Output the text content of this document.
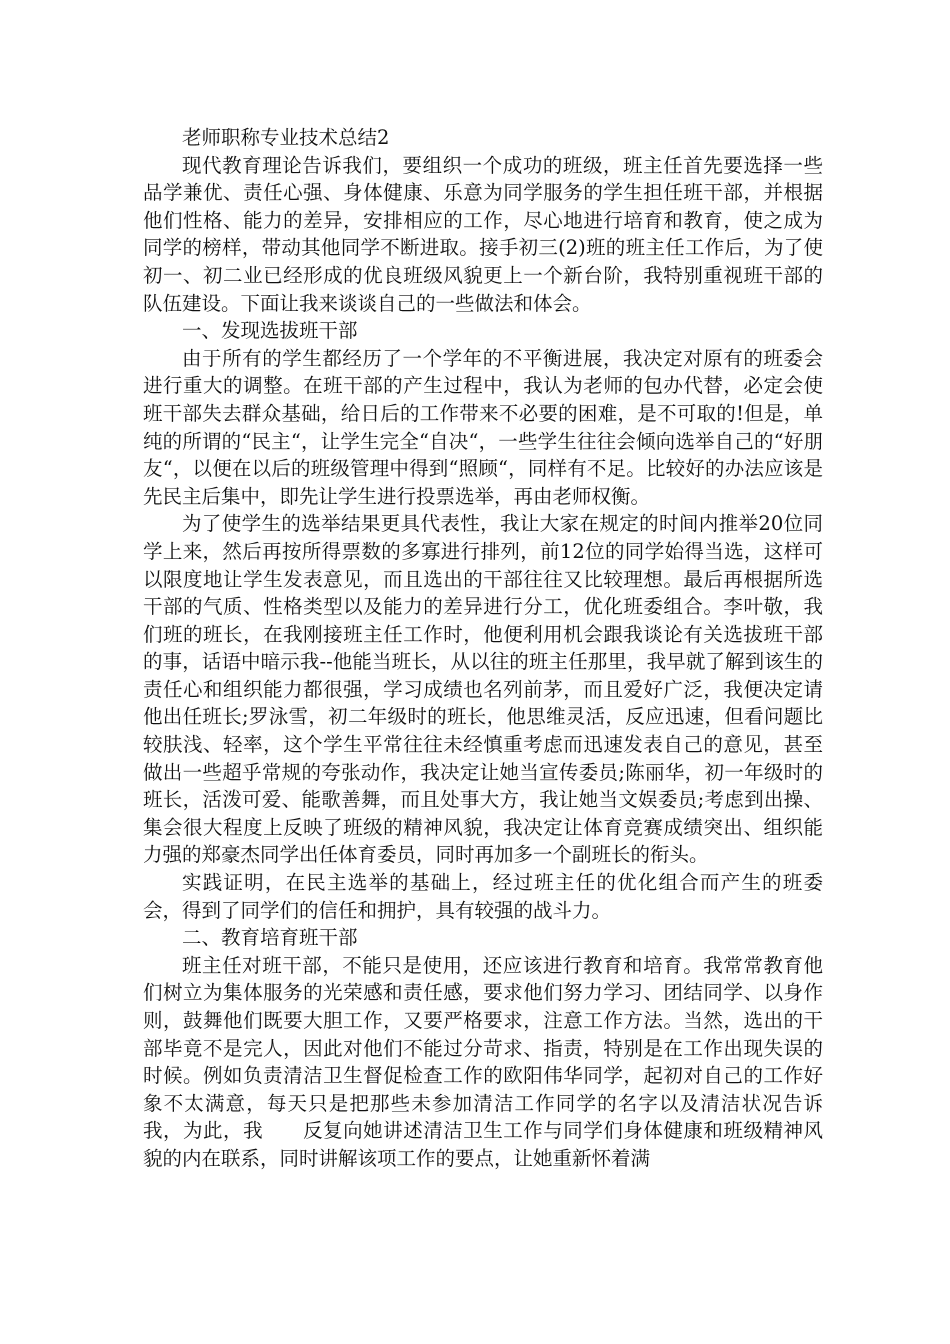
老师职称专业技术总结2

现代教育理论告诉我们，要组织一个成功的班级，班主任首先要选择一些品学兼优、责任心强、身体健康、乐意为同学服务的学生担任班干部，并根据他们性格、能力的差异，安排相应的工作，尽心地进行培育和教育，使之成为同学的榜样，带动其他同学不断进取。接手初三(2)班的班主任工作后，为了使初一、初二业已经形成的优良班级风貌更上一个新台阶，我特别重视班干部的队伍建设。下面让我来谈谈自己的一些做法和体会。

一、发现选拔班干部

由于所有的学生都经历了一个学年的不平衡进展，我决定对原有的班委会进行重大的调整。在班干部的产生过程中，我认为老师的包办代替，必定会使班干部失去群众基础，给日后的工作带来不必要的困难，是不可取的!但是，单纯的所谓的“民主“，让学生完全“自决“，一些学生往往会倾向选举自己的“好朋友“，以便在以后的班级管理中得到“照顾“，同样有不足。比较好的办法应该是先民主后集中，即先让学生进行投票选举，再由老师权衡。

为了使学生的选举结果更具代表性，我让大家在规定的时间内推举20位同学上来，然后再按所得票数的多寡进行排列，前12位的同学始得当选，这样可以限度地让学生发表意见，而且选出的干部往往又比较理想。最后再根据所选干部的气质、性格类型以及能力的差异进行分工，优化班委组合。李叶敬，我们班的班长，在我刚接班主任工作时，他便利用机会跟我谈论有关选拔班干部的事，话语中暗示我--他能当班长，从以往的班主任那里，我早就了解到该生的责任心和组织能力都很强，学习成绩也名列前茅，而且爱好广泛，我便决定请他出任班长;罗泳雪，初二年级时的班长，他思维灵活，反应迅速，但看问题比较肤浅、轻率，这个学生平常往往未经慎重考虑而迅速发表自己的意见，甚至做出一些超乎常规的夸张动作，我决定让她当宣传委员;陈丽华，初一年级时的班长，活泼可爱、能歌善舞，而且处事大方，我让她当文娱委员;考虑到出操、集会很大程度上反映了班级的精神风貌，我决定让体育竞赛成绩突出、组织能力强的郑豪杰同学出任体育委员，同时再加多一个副班长的衔头。

实践证明，在民主选举的基础上，经过班主任的优化组合而产生的班委会，得到了同学们的信任和拥护，具有较强的战斗力。

二、教育培育班干部

班主任对班干部，不能只是使用，还应该进行教育和培育。我常常教育他们树立为集体服务的光荣感和责任感，要求他们努力学习、团结同学、以身作则，鼓舞他们既要大胆工作，又要严格要求，注意工作方法。当然，选出的干部毕竟不是完人，因此对他们不能过分苛求、指责，特别是在工作出现失误的时候。例如负责清洁卫生督促检查工作的欧阳伟华同学，起初对自己的工作好象不太满意，每天只是把那些未参加清洁工作同学的名字以及清洁状况告诉我，为此，我　　反复向她讲述清洁卫生工作与同学们身体健康和班级精神风貌的内在联系，同时讲解该项工作的要点，让她重新怀着满
